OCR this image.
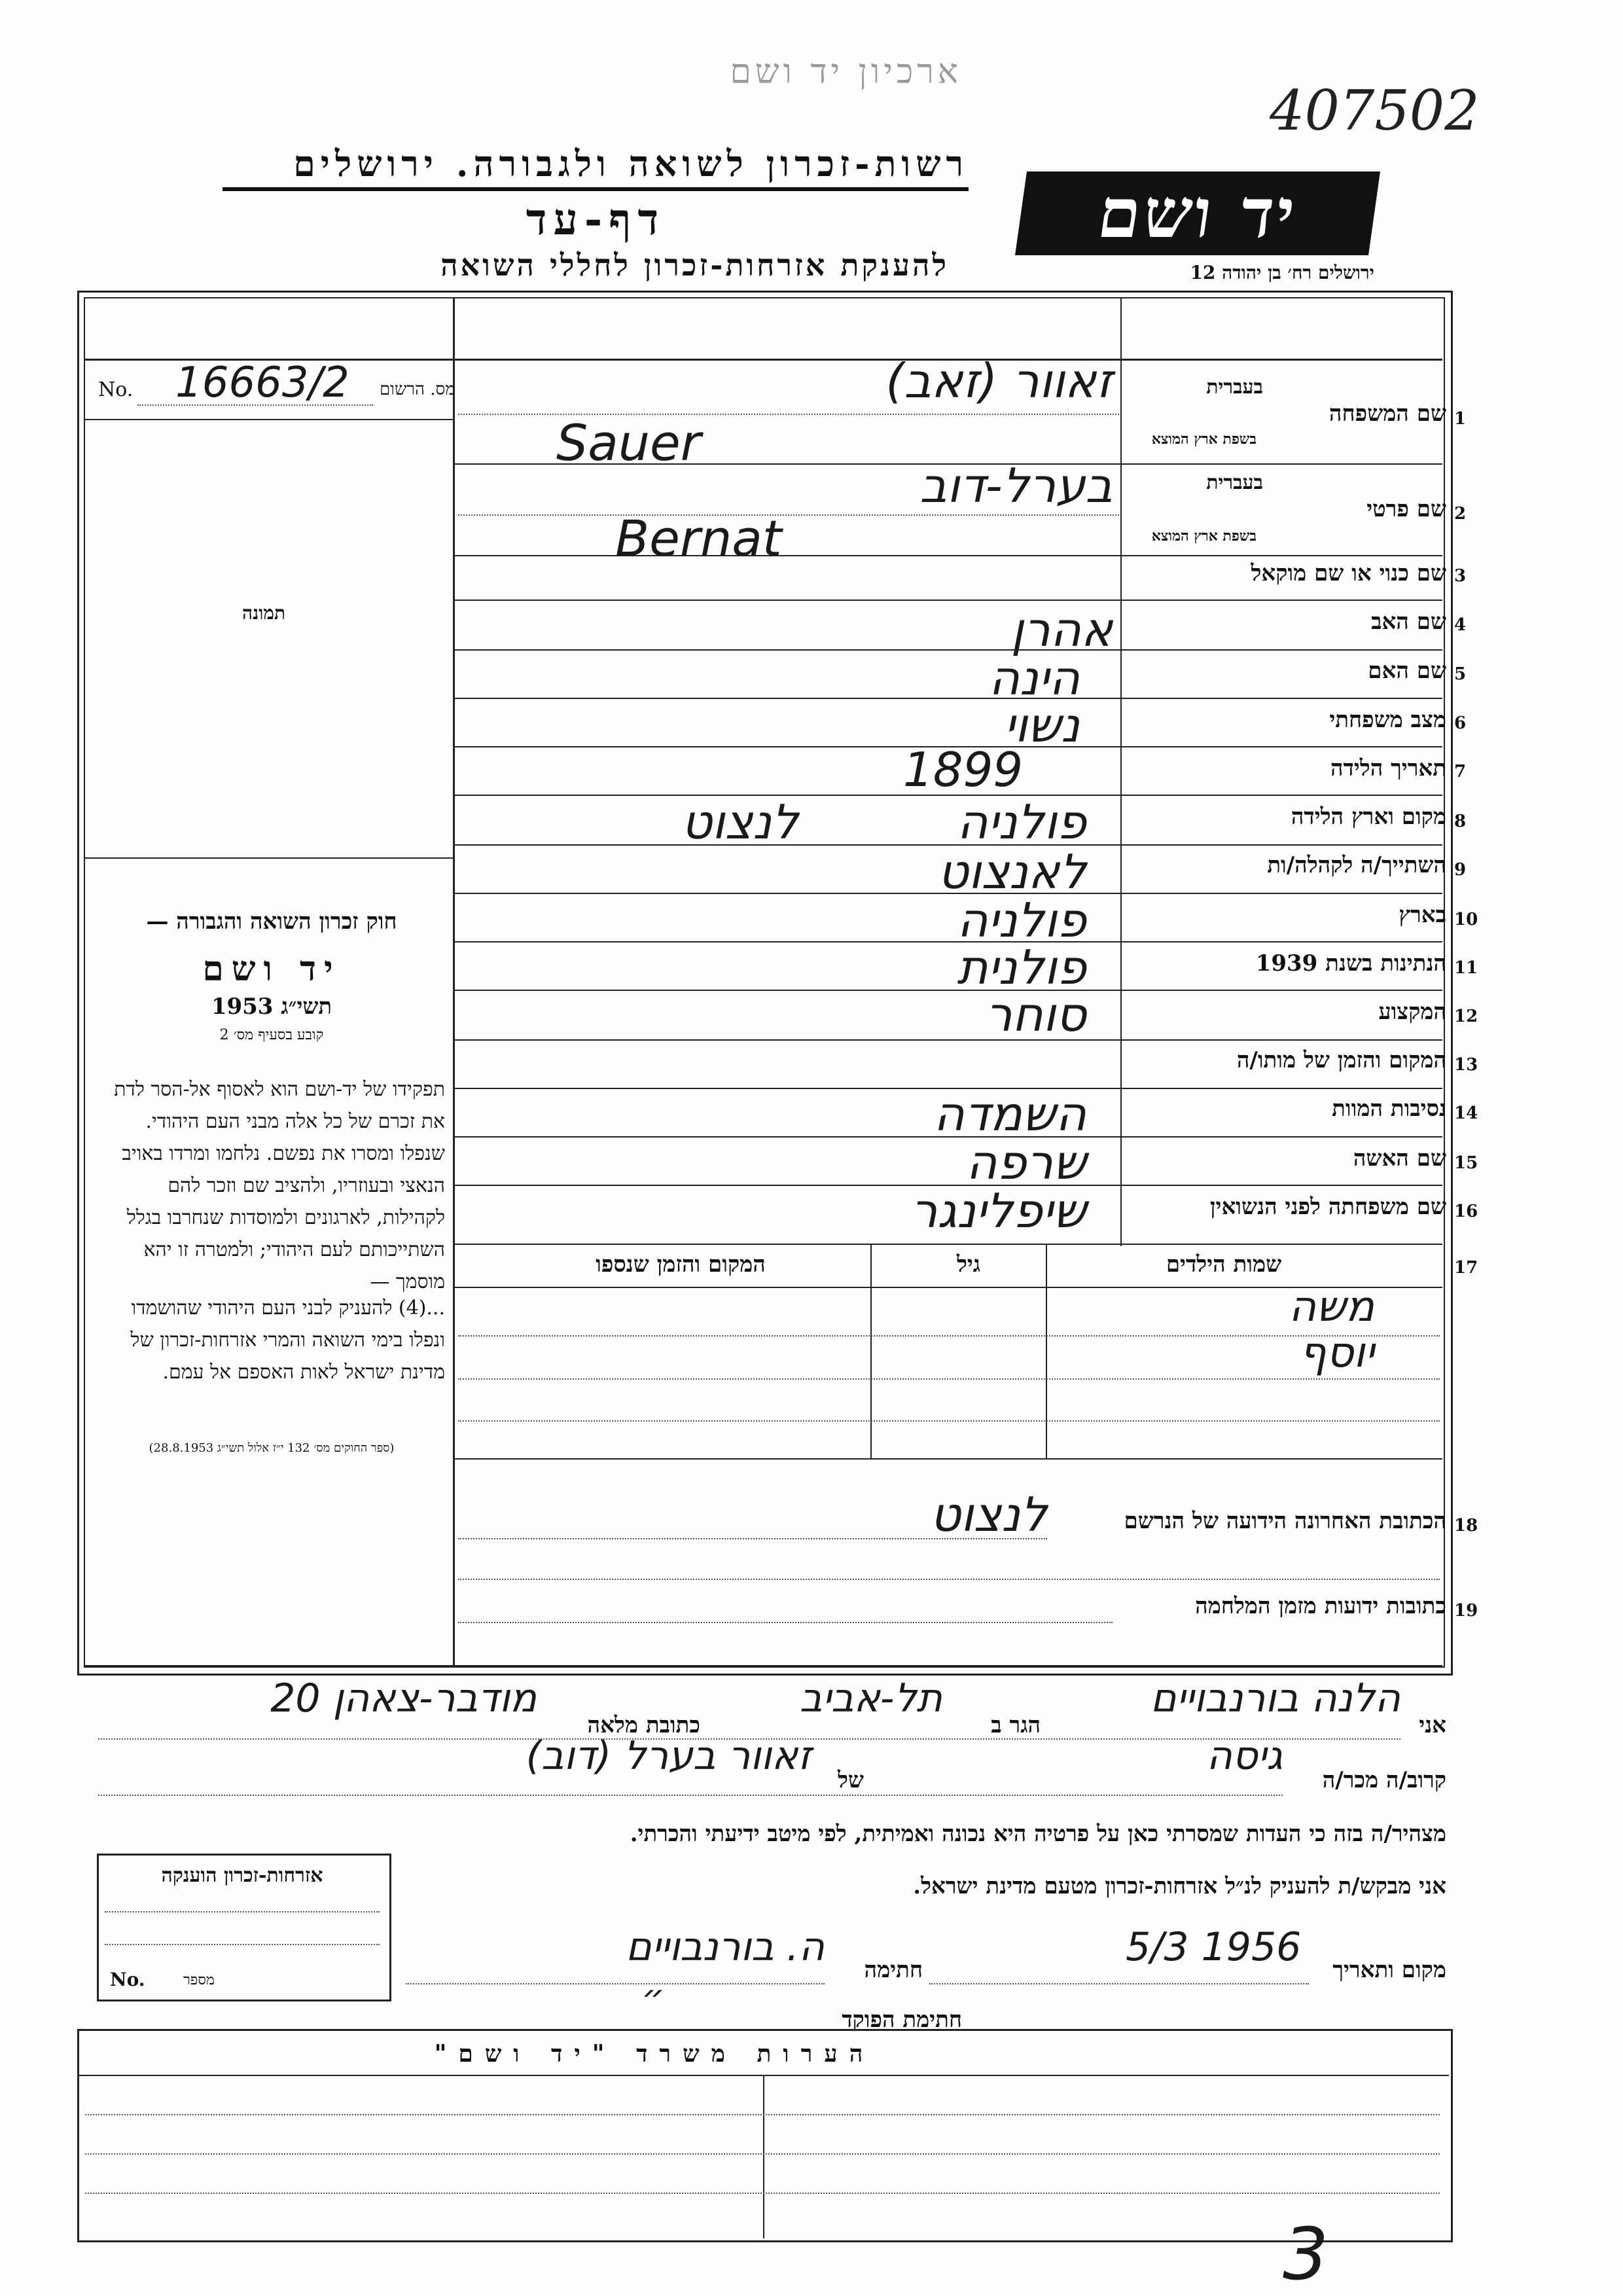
ארכיון יד ושם
407502
רשות-זכרון לשואה ולגבורה. ירושלים
דף-עד
להענקת אזרחות-זכרון לחללי השואה
יד ושם
ירושלים רח׳ בן יהודה 12
מס. הרשום
No. 16663/2
תמונה
חוק זכרון השואה והגבורה —
יד ושם
תשי״ג 1953
קובע בסעיף מס׳ 2
תפקידו של יד-ושם הוא לאסוף אל-הסר לדת את זכרם של כל אלה מבני העם היהודי. שנפלו ומסרו את נפשם. נלחמו ומרדו באויב הנאצי ובעוזריו, ולהציב שם וזכר להם לקהילות, לארגונים ולמוסדות שנחרבו בגלל השתייכותם לעם היהודי; ולמטרה זו יהא מוסמך —
...(4) להעניק לבני העם היהודי שהושמדו ונפלו בימי השואה והמרי אזרחות-זכרון של מדינת ישראל לאות האספם אל עמם.
(ספר החוקים מס׳ 132 י״ז אלול תשי״ג 28.8.1953)
1
שם המשפחה
בעברית
בשפת ארץ המוצא
זאוור (זאב)
Sauer
2
שם פרטי
בעברית
בשפת ארץ המוצא
בערל-דוב
Bernat
3
שם כנוי או שם מוקאל
4
שם האב
אהרן
5
שם האם
הינה
6
מצב משפחתי
נשוי
7
תאריך הלידה
1899
8
מקום וארץ הלידה
פולניה
לנצוט
9
השתייך/ה לקהלה/ות
לאנצוט
10
בארץ
פולניה
11
הנתינות בשנת 1939
פולנית
12
המקצוע
סוחר
13
המקום והזמן של מותו/ה
14
נסיבות המוות
השמדה
15
שם האשה
שרפה
16
שם משפחתה לפני הנשואין
שיפלינגר
17
שמות הילדים
גיל
המקום והזמן שנספו
משה
יוסף
18
הכתובת האחרונה הידועה של הנרשם
לנצוט
19
כתובות ידועות מזמן המלחמה
אני
הלנה בורנבויים
הגר ב
תל-אביב
כתובת מלאה
מודבר-צאהן 20
קרוב/ה מכר/ה
גיסה
של
זאוור בערל (דוב)
מצהיר/ה בזה כי העדות שמסרתי כאן על פרטיה היא נכונה ואמיתית, לפי מיטב ידיעתי והכרתי.
אני מבקש/ת להעניק לנ״ל אזרחות-זכרון מטעם מדינת ישראל.
מקום ותאריך
5/3 1956
חתימה
ה. בורנבויים
חתימת הפוקד
״
אזרחות-זכרון הוענקה
No.	מספר
הערות משרד "יד ושם"
3
